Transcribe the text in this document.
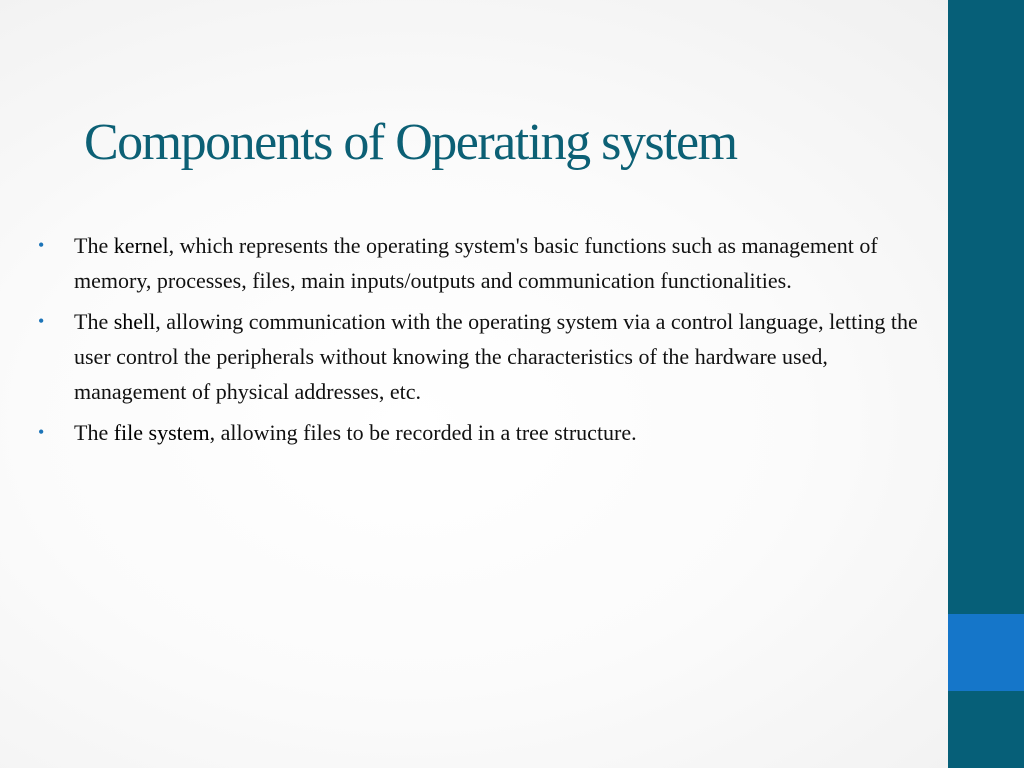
Components of Operating system
• The kernel, which represents the operating system's basic functions such as management of memory, processes, files, main inputs/outputs and communication functionalities.
• The shell, allowing communication with the operating system via a control language, letting the user control the peripherals without knowing the characteristics of the hardware used, management of physical addresses, etc.
• The file system, allowing files to be recorded in a tree structure.
